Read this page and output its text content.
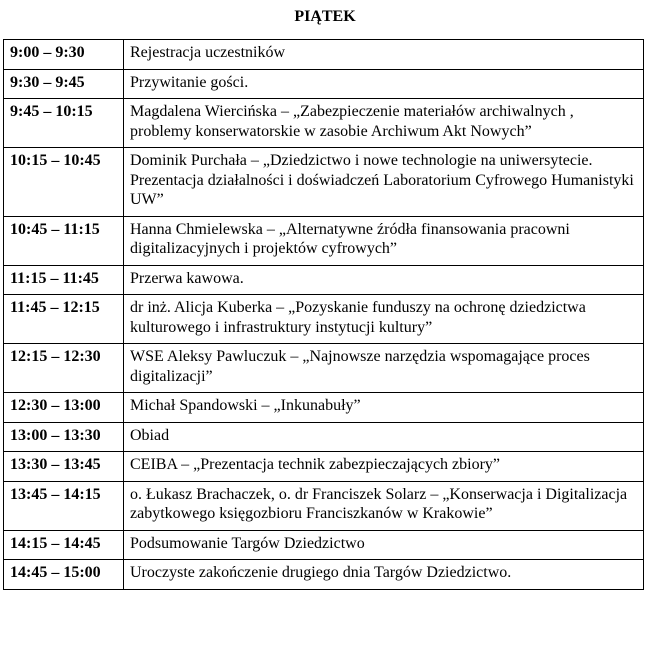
PIĄTEK
9:00 – 9:30	Rejestracja uczestników
9:30 – 9:45	Przywitanie gości.
9:45 – 10:15	Magdalena Wiercińska – „Zabezpieczenie materiałów archiwalnych , problemy konserwatorskie w zasobie Archiwum Akt Nowych”
10:15 – 10:45	Dominik Purchała – „Dziedzictwo i nowe technologie na uniwersytecie. Prezentacja działalności i doświadczeń Laboratorium Cyfrowego Humanistyki UW”
10:45 – 11:15	Hanna Chmielewska – „Alternatywne źródła finansowania pracowni digitalizacyjnych i projektów cyfrowych”
11:15 – 11:45	Przerwa kawowa.
11:45 – 12:15	dr inż. Alicja Kuberka – „Pozyskanie funduszy na ochronę dziedzictwa kulturowego i infrastruktury instytucji kultury”
12:15 – 12:30	WSE Aleksy Pawluczuk – „Najnowsze narzędzia wspomagające proces digitalizacji”
12:30 – 13:00	Michał Spandowski – „Inkunabuły”
13:00 – 13:30	Obiad
13:30 – 13:45	CEIBA – „Prezentacja technik zabezpieczających zbiory”
13:45 – 14:15	o. Łukasz Brachaczek, o. dr Franciszek Solarz – „Konserwacja i Digitalizacja zabytkowego księgozbioru Franciszkanów w Krakowie”
14:15 – 14:45	Podsumowanie Targów Dziedzictwo
14:45 – 15:00	Uroczyste zakończenie drugiego dnia Targów Dziedzictwo.
